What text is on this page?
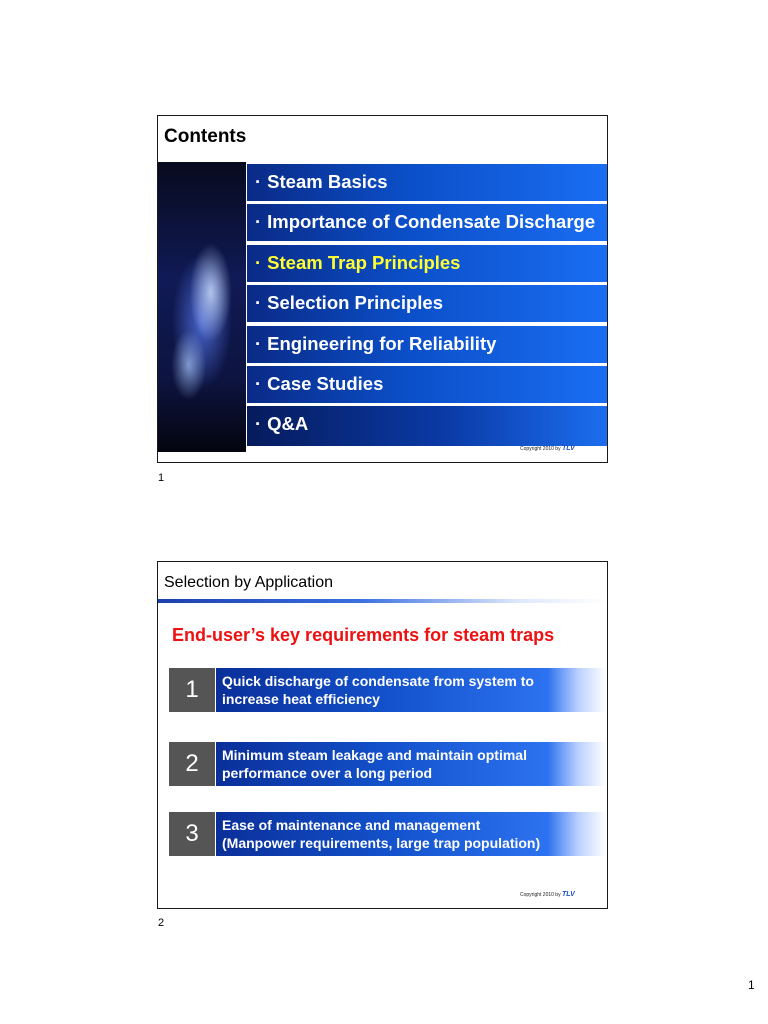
Contents
· Steam Basics
· Importance of Condensate Discharge
· Steam Trap Principles
· Selection Principles
· Engineering for Reliability
· Case Studies
· Q&A
Copyright 2010 by TLV
1
Selection by Application
End-user’s key requirements for steam traps
1	Quick discharge of condensate from system to
increase heat efficiency
2	Minimum steam leakage and maintain optimal
performance over a long period
3	Ease of maintenance and management
(Manpower requirements, large trap population)
Copyright 2010 by TLV
2
1
